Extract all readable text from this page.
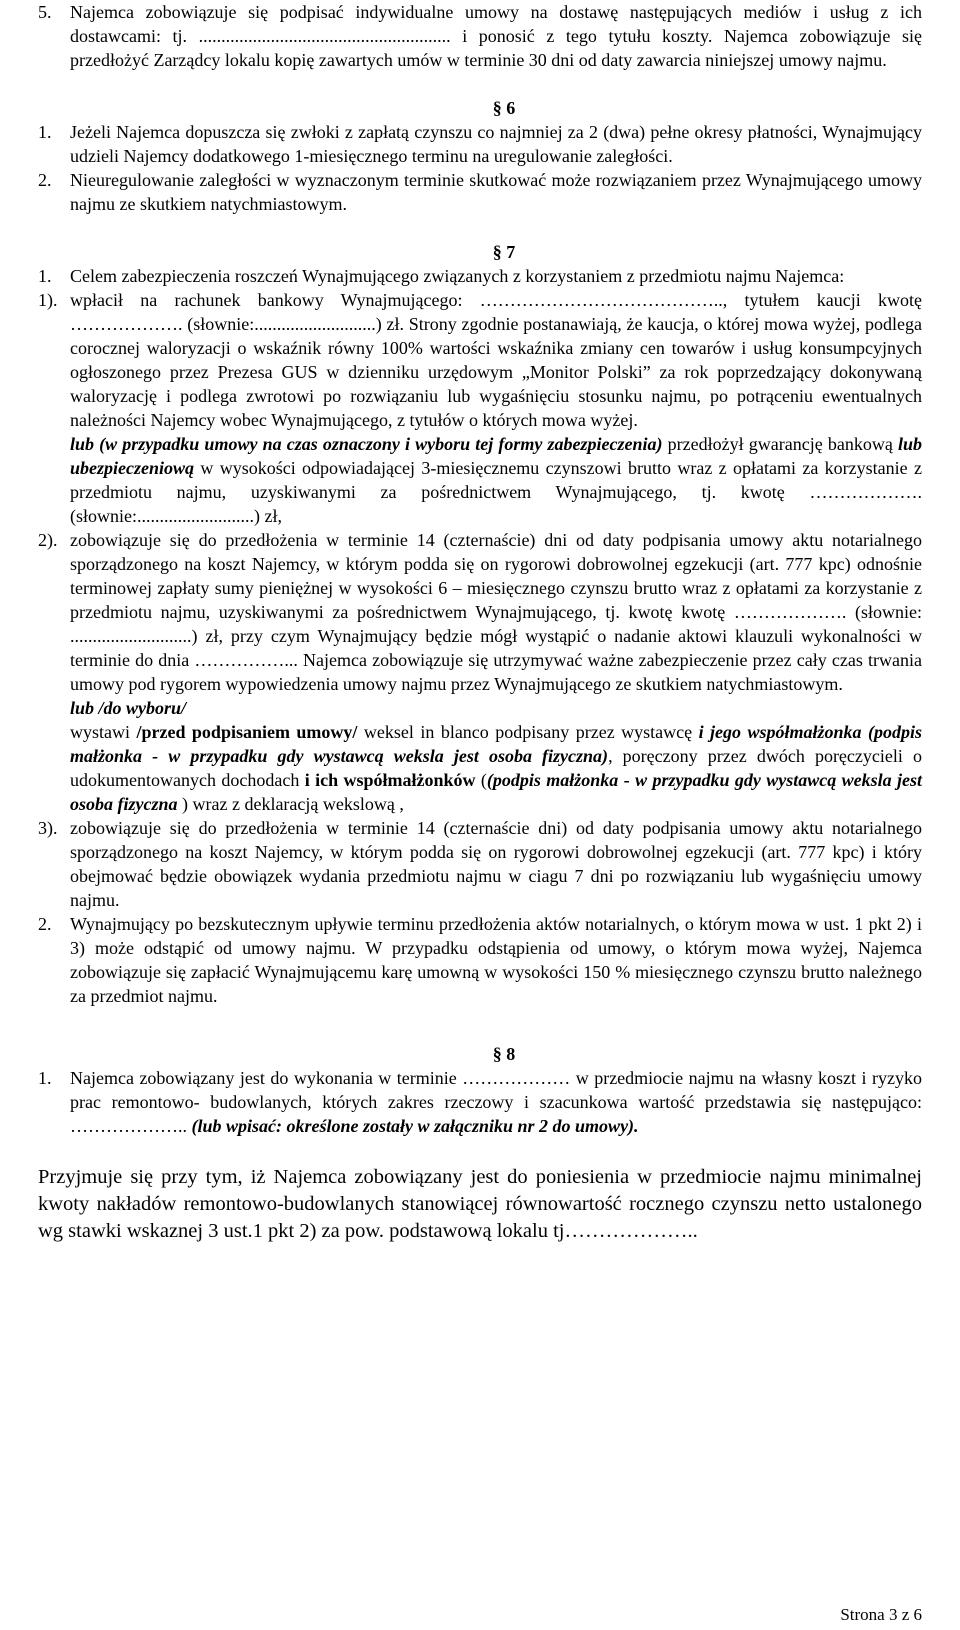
5. Najemca zobowiązuje się podpisać indywidualne umowy na dostawę następujących mediów i usług z ich dostawcami: tj. ........................................................ i ponosić z tego tytułu koszty. Najemca zobowiązuje się przedłożyć Zarządcy lokalu kopię zawartych umów w terminie 30 dni od daty zawarcia niniejszej umowy najmu.

§ 6

1. Jeżeli Najemca dopuszcza się zwłoki z zapłatą czynszu co najmniej za 2 (dwa) pełne okresy płatności, Wynajmujący udzieli Najemcy dodatkowego 1-miesięcznego terminu na uregulowanie zaległości.
2. Nieuregulowanie zaległości w wyznaczonym terminie skutkować może rozwiązaniem przez Wynajmującego umowy najmu ze skutkiem natychmiastowym.

§ 7

1. Celem zabezpieczenia roszczeń Wynajmującego związanych z korzystaniem z przedmiotu najmu Najemca:
1). wpłacił na rachunek bankowy Wynajmującego: ………………………………….., tytułem kaucji kwotę ………………. (słownie:...........................) zł. Strony zgodnie postanawiają, że kaucja, o której mowa wyżej, podlega corocznej waloryzacji o wskaźnik równy 100% wartości wskaźnika zmiany cen towarów i usług konsumpcyjnych ogłoszonego przez Prezesa GUS w dzienniku urzędowym „Monitor Polski” za rok poprzedzający dokonywaną waloryzację i podlega zwrotowi po rozwiązaniu lub wygaśnięciu stosunku najmu, po potrąceniu ewentualnych należności Najemcy wobec Wynajmującego, z tytułów o których mowa wyżej.
lub (w przypadku umowy na czas oznaczony i wyboru tej formy zabezpieczenia) przedłożył gwarancję bankową lub ubezpieczeniową w wysokości odpowiadającej 3-miesięcznemu czynszowi brutto wraz z opłatami za korzystanie z przedmiotu najmu, uzyskiwanymi za pośrednictwem Wynajmującego, tj. kwotę ………………. (słownie:..........................) zł,
2). zobowiązuje się do przedłożenia w terminie 14 (czternaście) dni od daty podpisania umowy aktu notarialnego sporządzonego na koszt Najemcy, w którym podda się on rygorowi dobrowolnej egzekucji (art. 777 kpc) odnośnie terminowej zapłaty sumy pieniężnej w wysokości 6 – miesięcznego czynszu brutto wraz z opłatami za korzystanie z przedmiotu najmu, uzyskiwanymi za pośrednictwem Wynajmującego, tj. kwotę kwotę ………………. (słownie: ...........................) zł, przy czym Wynajmujący będzie mógł wystąpić o nadanie aktowi klauzuli wykonalności w terminie do dnia ……………... Najemca zobowiązuje się utrzymywać ważne zabezpieczenie przez cały czas trwania umowy pod rygorem wypowiedzenia umowy najmu przez Wynajmującego ze skutkiem natychmiastowym.
lub /do wyboru/
wystawi /przed podpisaniem umowy/ weksel in blanco podpisany przez wystawcę i jego współmałżonka (podpis małżonka - w przypadku gdy wystawcą weksla jest osoba fizyczna), poręczony przez dwóch poręczycieli o udokumentowanych dochodach i ich współmałżonków ((podpis małżonka - w przypadku gdy wystawcą weksla jest osoba fizyczna ) wraz z deklaracją wekslową ,
3). zobowiązuje się do przedłożenia w terminie 14 (czternaście dni) od daty podpisania umowy aktu notarialnego sporządzonego na koszt Najemcy, w którym podda się on rygorowi dobrowolnej egzekucji (art. 777 kpc) i który obejmować będzie obowiązek wydania przedmiotu najmu w ciagu 7 dni po rozwiązaniu lub wygaśnięciu umowy najmu.
2. Wynajmujący po bezskutecznym upływie terminu przedłożenia aktów notarialnych, o którym mowa w ust. 1 pkt 2) i 3) może odstąpić od umowy najmu. W przypadku odstąpienia od umowy, o którym mowa wyżej, Najemca zobowiązuje się zapłacić Wynajmującemu karę umowną w wysokości 150 % miesięcznego czynszu brutto należnego za przedmiot najmu.

§ 8

1. Najemca zobowiązany jest do wykonania w terminie ……………… w przedmiocie najmu na własny koszt i ryzyko prac remontowo- budowlanych, których zakres rzeczowy i szacunkowa wartość przedstawia się następująco: ……………….. (lub wpisać: określone zostały w załączniku nr 2 do umowy).

Przyjmuje się przy tym, iż Najemca zobowiązany jest do poniesienia w przedmiocie najmu minimalnej kwoty nakładów remontowo-budowlanych stanowiącej równowartość rocznego czynszu netto ustalonego wg stawki wskaznej 3 ust.1 pkt 2) za pow. podstawową lokalu tj………………..

Strona 3 z 6
